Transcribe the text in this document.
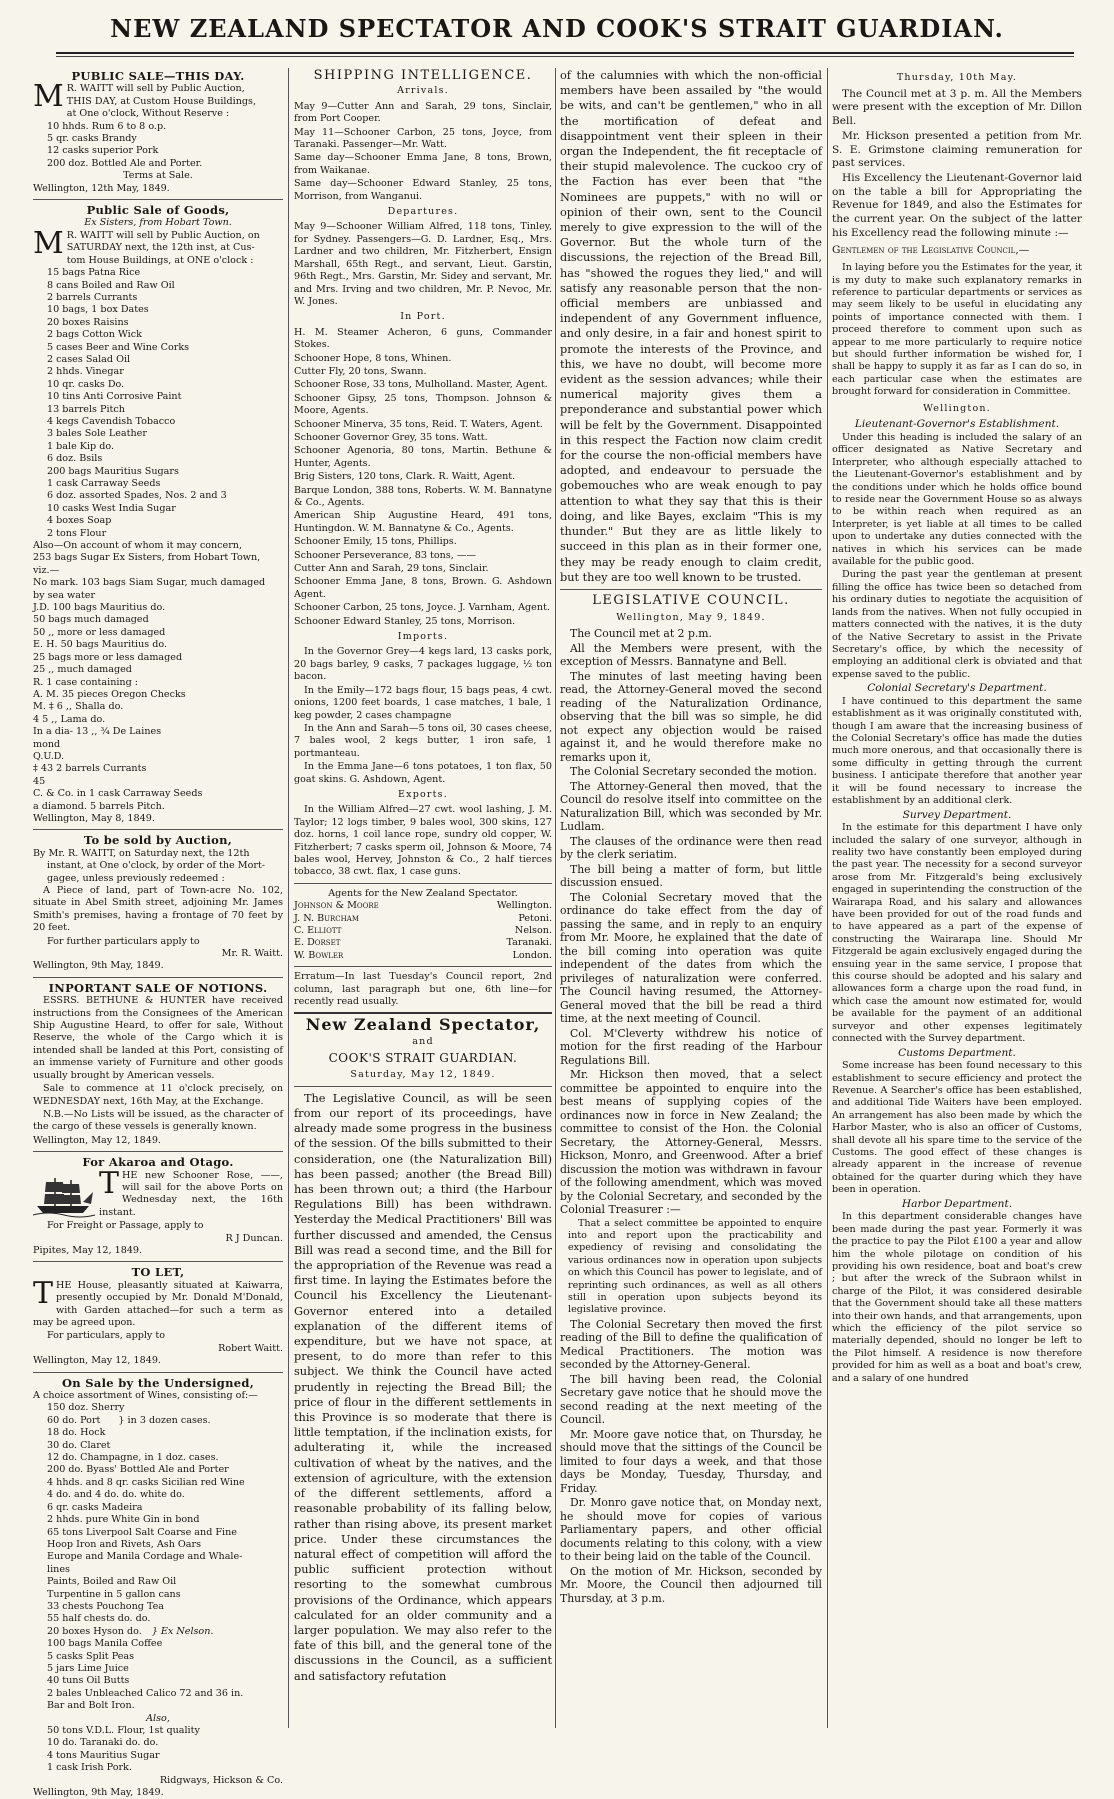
NEW ZEALAND SPECTATOR AND COOK'S STRAIT GUARDIAN.
PUBLIC SALE—THIS DAY.
M R. WAITT will sell by Public Auction,
THIS DAY, at Custom House Buildings,
at One o'clock, Without Reserve :
10 hhds. Rum 6 to 8 o.p.
5 qr. casks Brandy
12 casks superior Pork
200 doz. Bottled Ale and Porter.
Terms at Sale.
Wellington, 12th May, 1849.
Public Sale of Goods,
Ex Sisters, from Hobart Town.
M R. WAITT will sell by Public Auction, on
SATURDAY next, the 12th inst, at Cus-
tom House Buildings, at ONE o'clock :
15 bags Patna Rice
8 cans Boiled and Raw Oil
2 barrels Currants
10 bags, 1 box Dates
20 boxes Raisins
2 bags Cotton Wick
5 cases Beer and Wine Corks
2 cases Salad Oil
2 hhds. Vinegar
10 qr. casks Do.
10 tins Anti Corrosive Paint
13 barrels Pitch
4 kegs Cavendish Tobacco
3 bales Sole Leather
1 bale Kip do.
6 doz. Bsils
200 bags Mauritius Sugars
1 cask Carraway Seeds
6 doz. assorted Spades, Nos. 2 and 3
10 casks West India Sugar
4 boxes Soap
2 tons Flour
Also—On account of whom it may concern,
253 bags Sugar Ex Sisters, from Hobart Town,
viz.—
No mark. 103 bags Siam Sugar, much damaged
by sea water
J.D. 100 bags Mauritius do.
50 bags much damaged
50 ,, more or less damaged
E. H. 50 bags Mauritius do.
25 bags more or less damaged
25 ,, much damaged
R. 1 case containing :
A. M. 35 pieces Oregon Checks
M. ‡ 6 ,, Shalla do.
4 5 ,, Lama do.
In a dia- 13 ,, ¾ De Laines
mond
Q.U.D.
‡ 43 2 barrels Currants
45
C. & Co. in 1 cask Carraway Seeds
a diamond. 5 barrels Pitch.
Wellington, May 8, 1849.
To be sold by Auction,
By Mr. R. WAITT, on Saturday next, the 12th
instant, at One o'clock, by order of the Mort-
gagee, unless previously redeemed :

A Piece of land, part of Town-acre No. 102, situate in Abel Smith street, adjoining Mr. James Smith's premises, having a frontage of 70 feet by 20 feet.

For further particulars apply to
Mr. R. Waitt.
Wellington, 9th May, 1849.
INPORTANT SALE OF NOTIONS.

ESSRS. BETHUNE & HUNTER have received instructions from the Consignees of the American Ship Augustine Heard, to offer for sale, Without Reserve, the whole of the Cargo which it is intended shall be landed at this Port, consisting of an immense variety of Furniture and other goods usually brought by American vessels.

Sale to commence at 11 o'clock precisely, on WEDNESDAY next, 16th May, at the Exchange.

N.B.—No Lists will be issued, as the character of the cargo of these vessels is generally known.

Wellington, May 12, 1849.
For Akaroa and Otago.
T HE new Schooner Rose, ——, will sail for the above Ports on Wednesday next, the 16th instant.

For Freight or Passage, apply to
R J Duncan.
Pipites, May 12, 1849.
TO LET,
T HE House, pleasantly situated at Kaiwarra, presently occupied by Mr. Donald M'Donald, with Garden attached—for such a term as may be agreed upon.

For particulars, apply to
Robert Waitt.
Wellington, May 12, 1849.
On Sale by the Undersigned,
A choice assortment of Wines, consisting of:—
150 doz. Sherry
60 do. Port } in 3 dozen cases.
18 do. Hock
30 do. Claret
12 do. Champagne, in 1 doz. cases.
200 do. Byass' Bottled Ale and Porter
4 hhds. and 8 qr. casks Sicilian red Wine
4 do. and 4 do. do. white do.
6 qr. casks Madeira
2 hhds. pure White Gin in bond
65 tons Liverpool Salt Coarse and Fine
Hoop Iron and Rivets, Ash Oars
Europe and Manila Cordage and Whale-
lines
Paints, Boiled and Raw Oil
Turpentine in 5 gallon cans
33 chests Pouchong Tea
55 half chests do. do.
20 boxes Hyson do. } Ex Nelson.
100 bags Manila Coffee
5 casks Split Peas
5 jars Lime Juice
40 tuns Oil Butts
2 bales Unbleached Calico 72 and 36 in.
Bar and Bolt Iron.
Also,
50 tons V.D.L. Flour, 1st quality
10 do. Taranaki do. do.
4 tons Mauritius Sugar
1 cask Irish Pork.
Ridgways, Hickson & Co.
Wellington, 9th May, 1849.
SHIPPING INTELLIGENCE.
Arrivals.

May 9—Cutter Ann and Sarah, 29 tons, Sinclair, from Port Cooper.

May 11—Schooner Carbon, 25 tons, Joyce, from Taranaki. Passenger—Mr. Watt.

Same day—Schooner Emma Jane, 8 tons, Brown, from Waikanae.

Same day—Schooner Edward Stanley, 25 tons, Morrison, from Wanganui.

Departures.

May 9—Schooner William Alfred, 118 tons, Tinley, for Sydney. Passengers—G. D. Lardner, Esq., Mrs. Lardner and two children, Mr. Fitzherbert, Ensign Marshall, 65th Regt., and servant, Lieut. Garstin, 96th Regt., Mrs. Garstin, Mr. Sidey and servant, Mr. and Mrs. Irving and two children, Mr. P. Nevoc, Mr. W. Jones.

In Port.

H. M. Steamer Acheron, 6 guns, Commander Stokes.

Schooner Hope, 8 tons, Whinen.

Cutter Fly, 20 tons, Swann.

Schooner Rose, 33 tons, Mulholland. Master, Agent.

Schooner Gipsy, 25 tons, Thompson. Johnson & Moore, Agents.

Schooner Minerva, 35 tons, Reid. T. Waters, Agent.

Schooner Governor Grey, 35 tons. Watt.

Schooner Agenoria, 80 tons, Martin. Bethune & Hunter, Agents.

Brig Sisters, 120 tons, Clark. R. Waitt, Agent.

Barque London, 388 tons, Roberts. W. M. Bannatyne & Co., Agents.

American Ship Augustine Heard, 491 tons, Huntingdon. W. M. Bannatyne & Co., Agents.

Schooner Emily, 15 tons, Phillips.

Schooner Perseverance, 83 tons, ——

Cutter Ann and Sarah, 29 tons, Sinclair.

Schooner Emma Jane, 8 tons, Brown. G. Ashdown Agent.

Schooner Carbon, 25 tons, Joyce. J. Varnham, Agent.

Schooner Edward Stanley, 25 tons, Morrison.

Imports.

In the Governor Grey—4 kegs lard, 13 casks pork, 20 bags barley, 9 casks, 7 packages luggage, ½ ton bacon.

In the Emily—172 bags flour, 15 bags peas, 4 cwt. onions, 1200 feet boards, 1 case matches, 1 bale, 1 keg powder, 2 cases champagne

In the Ann and Sarah—5 tons oil, 30 cases cheese, 7 bales wool, 2 kegs butter, 1 iron safe, 1 portmanteau.

In the Emma Jane—6 tons potatoes, 1 ton flax, 50 goat skins. G. Ashdown, Agent.

Exports.

In the William Alfred—27 cwt. wool lashing, J. M. Taylor; 12 logs timber, 9 bales wool, 300 skins, 127 doz. horns, 1 coil lance rope, sundry old copper, W. Fitzherbert; 7 casks sperm oil, Johnson & Moore, 74 bales wool, Hervey, Johnston & Co., 2 half tierces tobacco, 38 cwt. flax, 1 case guns.

Agents for the New Zealand Spectator.
Johnson & Moore	Wellington.
J. N. Burcham	Petoni.
C. Elliott	Nelson.
E. Dorset	Taranaki.
W. Bowler	London.

Erratum—In last Tuesday's Council report, 2nd column, last paragraph but one, 6th line—for recently read usually.

New Zealand Spectator,
and
COOK'S STRAIT GUARDIAN.
Saturday, May 12, 1849.

The Legislative Council, as will be seen from our report of its proceedings, have already made some progress in the business of the session. Of the bills submitted to their consideration, one (the Naturalization Bill) has been passed; another (the Bread Bill) has been thrown out; a third (the Harbour Regulations Bill) has been withdrawn. Yesterday the Medical Practitioners' Bill was further discussed and amended, the Census Bill was read a second time, and the Bill for the appropriation of the Revenue was read a first time. In laying the Estimates before the Council his Excellency the Lieutenant-Governor entered into a detailed explanation of the different items of expenditure, but we have not space, at present, to do more than refer to this subject. We think the Council have acted prudently in rejecting the Bread Bill; the price of flour in the different settlements in this Province is so moderate that there is little temptation, if the inclination exists, for adulterating it, while the increased cultivation of wheat by the natives, and the extension of agriculture, with the extension of the different settlements, afford a reasonable probability of its falling below, rather than rising above, its present market price. Under these circumstances the natural effect of competition will afford the public sufficient protection without resorting to the somewhat cumbrous provisions of the Ordinance, which appears calculated for an older community and a larger population. We may also refer to the fate of this bill, and the general tone of the discussions in the Council, as a sufficient and satisfactory refutation

of the calumnies with which the non-official members have been assailed by "the would be wits, and can't be gentlemen," who in all the mortification of defeat and disappointment vent their spleen in their organ the Independent, the fit receptacle of their stupid malevolence. The cuckoo cry of the Faction has ever been that "the Nominees are puppets," with no will or opinion of their own, sent to the Council merely to give expression to the will of the Governor. But the whole turn of the discussions, the rejection of the Bread Bill, has "showed the rogues they lied," and will satisfy any reasonable person that the non-official members are unbiassed and independent of any Government influence, and only desire, in a fair and honest spirit to promote the interests of the Province, and this, we have no doubt, will become more evident as the session advances; while their numerical majority gives them a preponderance and substantial power which will be felt by the Government. Disappointed in this respect the Faction now claim credit for the course the non-official members have adopted, and endeavour to persuade the gobemouches who are weak enough to pay attention to what they say that this is their doing, and like Bayes, exclaim "This is my thunder." But they are as little likely to succeed in this plan as in their former one, they may be ready enough to claim credit, but they are too well known to be trusted.

LEGISLATIVE COUNCIL.
Wellington, May 9, 1849.

The Council met at 2 p.m.

All the Members were present, with the exception of Messrs. Bannatyne and Bell.

The minutes of last meeting having been read, the Attorney-General moved the second reading of the Naturalization Ordinance, observing that the bill was so simple, he did not expect any objection would be raised against it, and he would therefore make no remarks upon it,

The Colonial Secretary seconded the motion.

The Attorney-General then moved, that the Council do resolve itself into committee on the Naturalization Bill, which was seconded by Mr. Ludlam.

The clauses of the ordinance were then read by the clerk seriatim.

The bill being a matter of form, but little discussion ensued.

The Colonial Secretary moved that the ordinance do take effect from the day of passing the same, and in reply to an enquiry from Mr. Moore, he explained that the date of the bill coming into operation was quite independent of the dates from which the privileges of naturalization were conferred. The Council having resumed, the Attorney-General moved that the bill be read a third time, at the next meeting of Council.

Col. M'Cleverty withdrew his notice of motion for the first reading of the Harbour Regulations Bill.

Mr. Hickson then moved, that a select committee be appointed to enquire into the best means of supplying copies of the ordinances now in force in New Zealand; the committee to consist of the Hon. the Colonial Secretary, the Attorney-General, Messrs. Hickson, Monro, and Greenwood. After a brief discussion the motion was withdrawn in favour of the following amendment, which was moved by the Colonial Secretary, and seconded by the Colonial Treasurer :—

That a select committee be appointed to enquire into and report upon the practicability and expediency of revising and consolidating the various ordinances now in operation upon subjects on which this Council has power to legislate, and of reprinting such ordinances, as well as all others still in operation upon subjects beyond its legislative province.

The Colonial Secretary then moved the first reading of the Bill to define the qualification of Medical Practitioners. The motion was seconded by the Attorney-General.

The bill having been read, the Colonial Secretary gave notice that he should move the second reading at the next meeting of the Council.

Mr. Moore gave notice that, on Thursday, he should move that the sittings of the Council be limited to four days a week, and that those days be Monday, Tuesday, Thursday, and Friday.

Dr. Monro gave notice that, on Monday next, he should move for copies of various Parliamentary papers, and other official documents relating to this colony, with a view to their being laid on the table of the Council.

On the motion of Mr. Hickson, seconded by Mr. Moore, the Council then adjourned till Thursday, at 3 p.m.

Thursday, 10th May.

The Council met at 3 p. m. All the Members were present with the exception of Mr. Dillon Bell.

Mr. Hickson presented a petition from Mr. S. E. Grimstone claiming remuneration for past services.

His Excellency the Lieutenant-Governor laid on the table a bill for Appropriating the Revenue for 1849, and also the Estimates for the current year. On the subject of the latter his Excellency read the following minute :—

Gentlemen of the Legislative Council,—

In laying before you the Estimates for the year, it is my duty to make such explanatory remarks in reference to particular departments or services as may seem likely to be useful in elucidating any points of importance connected with them. I proceed therefore to comment upon such as appear to me more particularly to require notice but should further information be wished for, I shall be happy to supply it as far as I can do so, in each particular case when the estimates are brought forward for consideration in Committee.

Wellington.
Lieutenant-Governor's Establishment.

Under this heading is included the salary of an officer designated as Native Secretary and Interpreter, who although especially attached to the Lieutenant-Governor's establishment and by the conditions under which he holds office bound to reside near the Government House so as always to be within reach when required as an Interpreter, is yet liable at all times to be called upon to undertake any duties connected with the natives in which his services can be made available for the public good.

During the past year the gentleman at present filling the office has twice been so detached from his ordinary duties to negotiate the acquisition of lands from the natives. When not fully occupied in matters connected with the natives, it is the duty of the Native Secretary to assist in the Private Secretary's office, by which the necessity of employing an additional clerk is obviated and that expense saved to the public.

Colonial Secretary's Department.

I have continued to this department the same establishment as it was originally constituted with, though I am aware that the increasing business of the Colonial Secretary's office has made the duties much more onerous, and that occasionally there is some difficulty in getting through the current business. I anticipate therefore that another year it will be found necessary to increase the establishment by an additional clerk.

Survey Department.

In the estimate for this department I have only included the salary of one surveyor, although in reality two have constantly been employed during the past year. The necessity for a second surveyor arose from Mr. Fitzgerald's being exclusively engaged in superintending the construction of the Wairarapa Road, and his salary and allowances have been provided for out of the road funds and to have appeared as a part of the expense of constructing the Wairarapa line. Should Mr Fitzgerald be again exclusively engaged during the ensuing year in the same service, I propose that this course should be adopted and his salary and allowances form a charge upon the road fund, in which case the amount now estimated for, would be available for the payment of an additional surveyor and other expenses legitimately connected with the Survey department.

Customs Department.

Some increase has been found necessary to this establishment to secure efficiency and protect the Revenue. A Searcher's office has been established, and additional Tide Waiters have been employed. An arrangement has also been made by which the Harbor Master, who is also an officer of Customs, shall devote all his spare time to the service of the Customs. The good effect of these changes is already apparent in the increase of revenue obtained for the quarter during which they have been in operation.

Harbor Department.

In this department considerable changes have been made during the past year. Formerly it was the practice to pay the Pilot £100 a year and allow him the whole pilotage on condition of his providing his own residence, boat and boat's crew ; but after the wreck of the Subraon whilst in charge of the Pilot, it was considered desirable that the Government should take all these matters into their own hands, and that arrangements, upon which the efficiency of the pilot service so materially depended, should no longer be left to the Pilot himself. A residence is now therefore provided for him as well as a boat and boat's crew, and a salary of one hundred
